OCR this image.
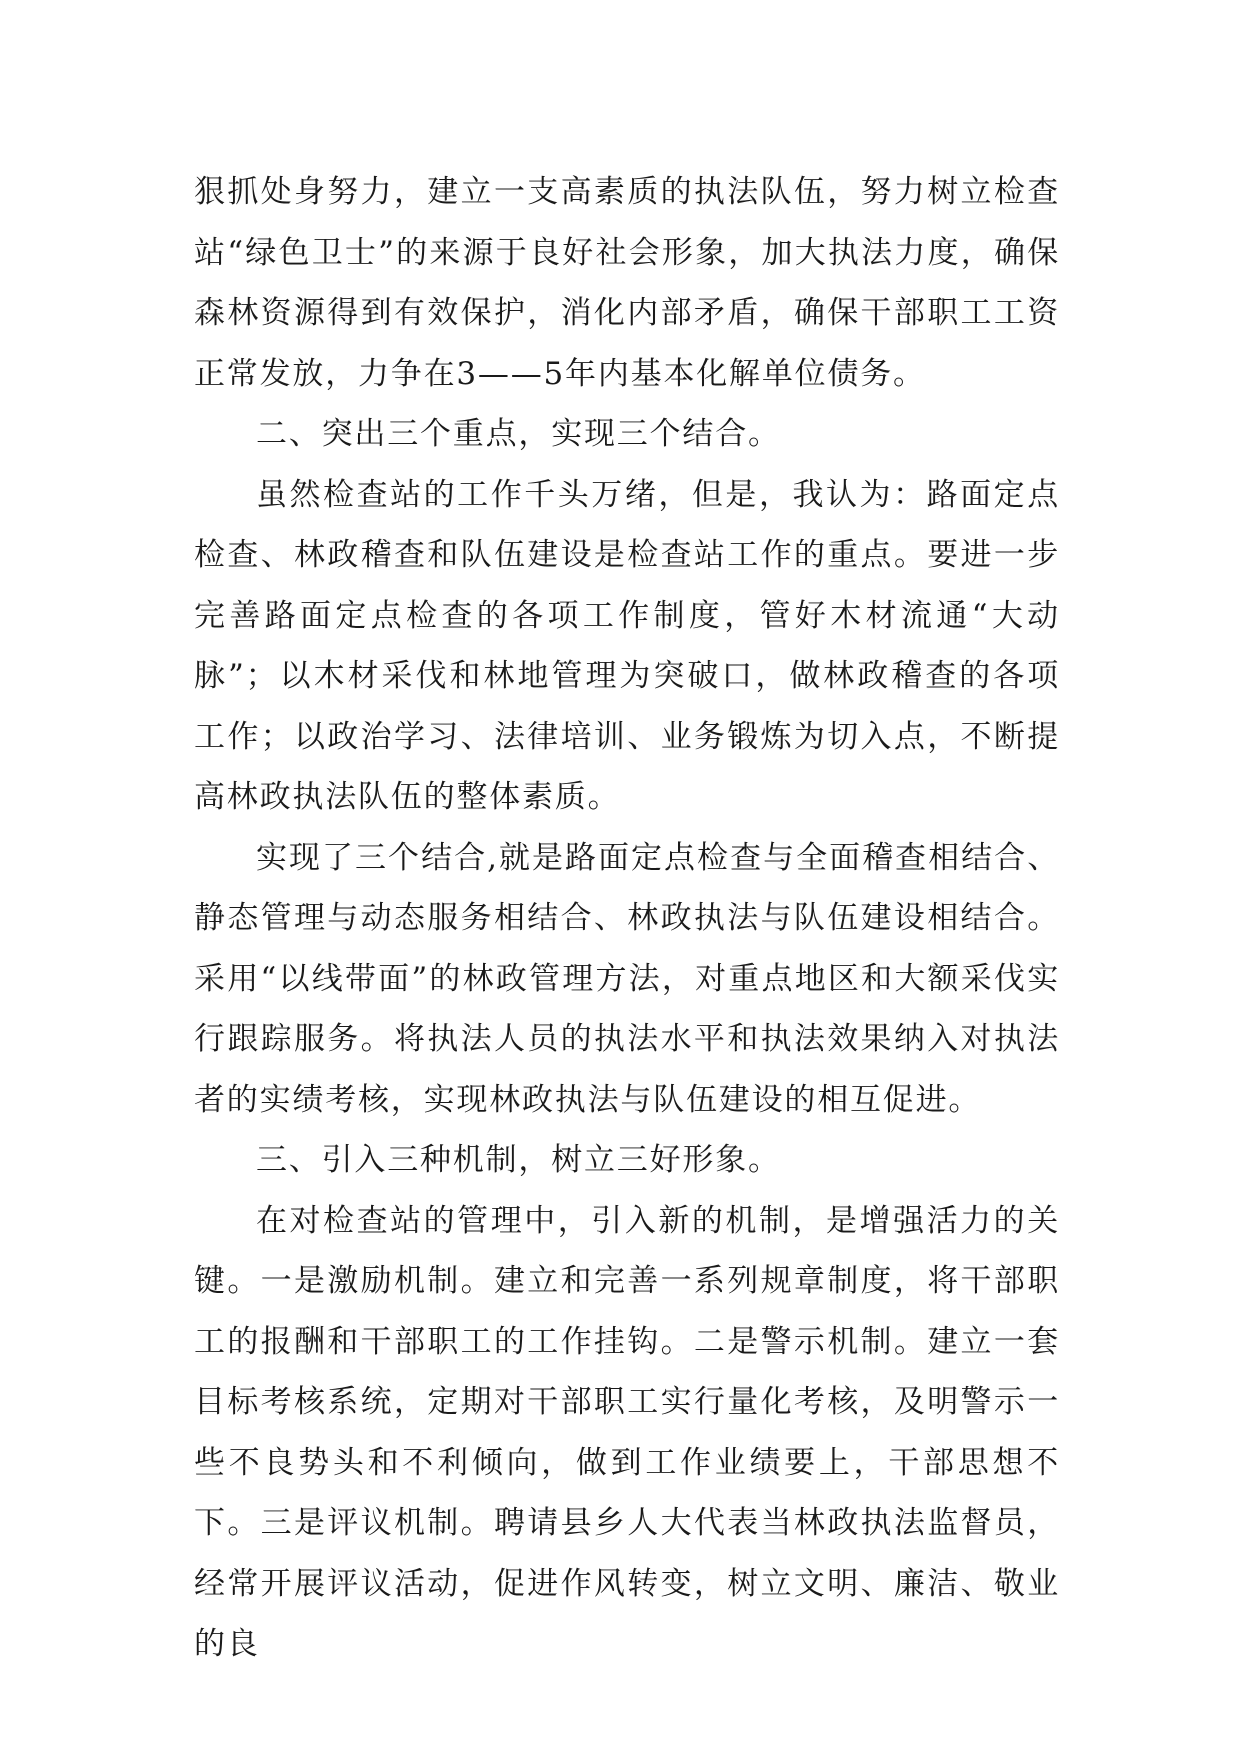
狠抓处身努力，建立一支高素质的执法队伍，努力树立检查站“绿色卫士”的来源于良好社会形象，加大执法力度，确保森林资源得到有效保护，消化内部矛盾，确保干部职工工资正常发放，力争在3——5年内基本化解单位债务。

二、突出三个重点，实现三个结合。

虽然检查站的工作千头万绪，但是，我认为：路面定点检查、林政稽查和队伍建设是检查站工作的重点。要进一步完善路面定点检查的各项工作制度，管好木材流通“大动脉”；以木材采伐和林地管理为突破口，做林政稽查的各项工作；以政治学习、法律培训、业务锻炼为切入点，不断提高林政执法队伍的整体素质。

实现了三个结合,就是路面定点检查与全面稽查相结合、静态管理与动态服务相结合、林政执法与队伍建设相结合。采用“以线带面”的林政管理方法，对重点地区和大额采伐实行跟踪服务。将执法人员的执法水平和执法效果纳入对执法者的实绩考核，实现林政执法与队伍建设的相互促进。

三、引入三种机制，树立三好形象。

在对检查站的管理中，引入新的机制，是增强活力的关键。一是激励机制。建立和完善一系列规章制度，将干部职工的报酬和干部职工的工作挂钩。二是警示机制。建立一套目标考核系统，定期对干部职工实行量化考核，及明警示一些不良势头和不利倾向，做到工作业绩要上，干部思想不下。三是评议机制。聘请县乡人大代表当林政执法监督员，经常开展评议活动，促进作风转变，树立文明、廉洁、敬业的良
